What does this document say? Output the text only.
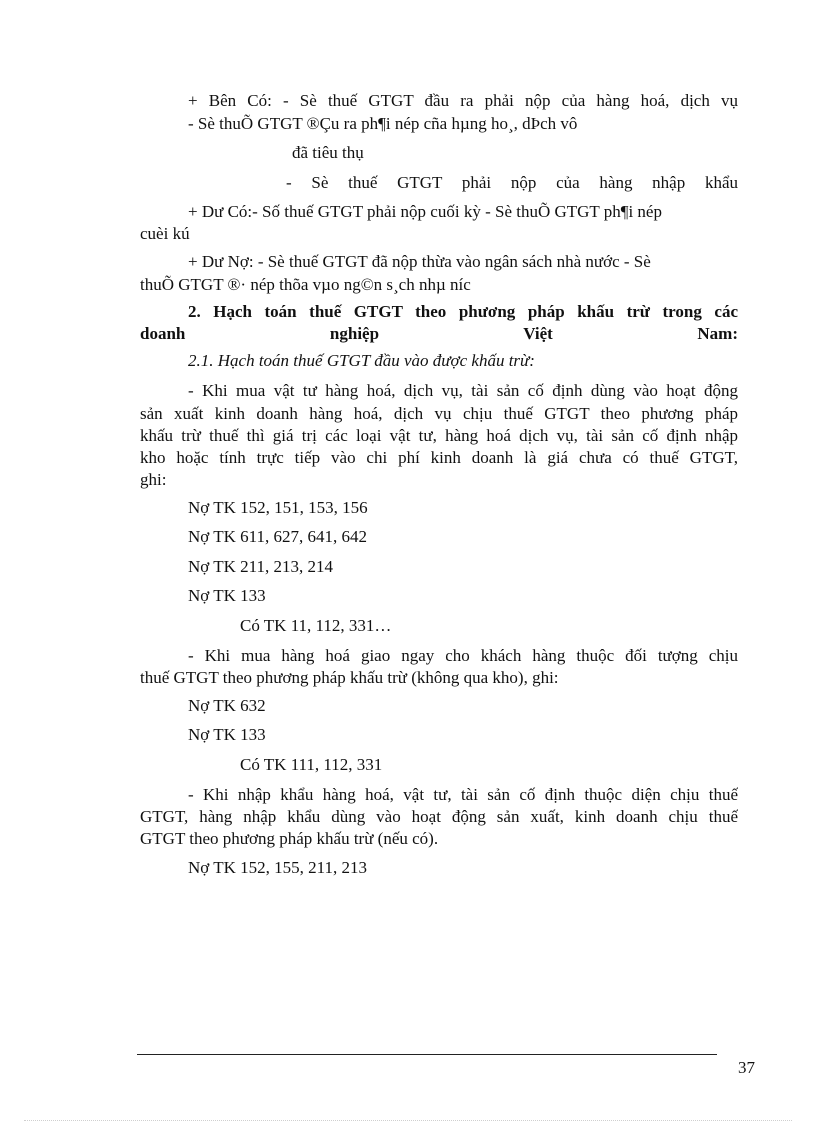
+ Bên Có: - Sè thuế GTGT đầu ra phải nộp của hàng hoá, dịch vụ
- Sè thuÕ GTGT ®Çu ra ph¶i nép cña hµng ho¸, dÞch vô
đã tiêu thụ
- Sè thuế GTGT phải nộp của hàng nhập khẩu
+ Dư Có:- Số thuế GTGT phải nộp cuối kỳ - Sè thuÕ GTGT ph¶i nép
cuèi kú
+ Dư Nợ: - Sè thuế GTGT đã nộp thừa vào ngân sách nhà nước - Sè
thuÕ GTGT ®· nép thõa vµo ng©n s¸ch nhµ níc
2. Hạch toán thuế GTGT theo phương pháp khấu trừ trong các
doanh nghiệp Việt Nam:
2.1. Hạch toán thuế GTGT đầu vào được khấu trừ:
- Khi mua vật tư hàng hoá, dịch vụ, tài sản cố định dùng vào hoạt động
sản xuất kinh doanh hàng hoá, dịch vụ chịu thuế GTGT theo phương pháp
khấu trừ thuế thì giá trị các loại vật tư, hàng hoá dịch vụ, tài sản cố định nhập
kho hoặc tính trực tiếp vào chi phí kinh doanh là giá chưa có thuế GTGT,
ghi:
Nợ TK 152, 151, 153, 156
Nợ TK 611, 627, 641, 642
Nợ TK 211, 213, 214
Nợ TK 133
Có TK 11, 112, 331…
- Khi mua hàng hoá giao ngay cho khách hàng thuộc đối tượng chịu
thuế GTGT theo phương pháp khấu trừ (không qua kho), ghi:
Nợ TK 632
Nợ TK 133
Có TK 111, 112, 331
- Khi nhập khẩu hàng hoá, vật tư, tài sản cố định thuộc diện chịu thuế
GTGT, hàng nhập khẩu dùng vào hoạt động sản xuất, kinh doanh chịu thuế
GTGT theo phương pháp khấu trừ (nếu có).
Nợ TK 152, 155, 211, 213
37
